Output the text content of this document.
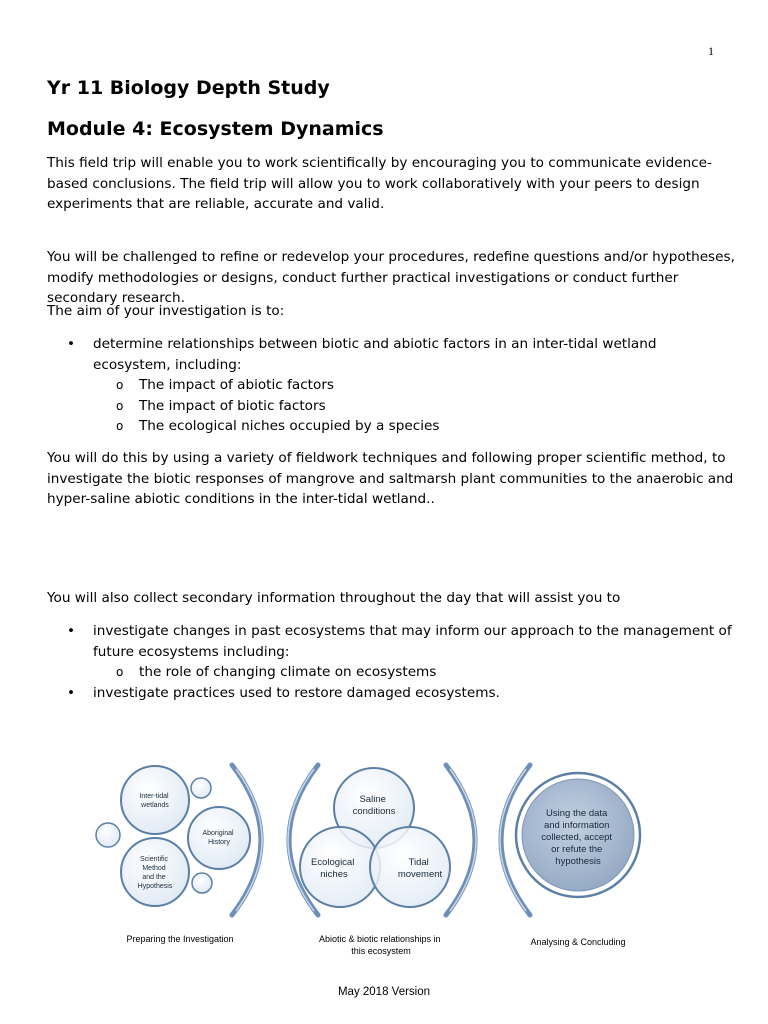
1
Yr 11 Biology Depth Study
Module 4: Ecosystem Dynamics

This field trip will enable you to work scientifically by encouraging you to communicate evidence-based conclusions. The field trip will allow you to work collaboratively with your peers to design experiments that are reliable, accurate and valid.

You will be challenged to refine or redevelop your procedures, redefine questions and/or hypotheses, modify methodologies or designs, conduct further practical investigations or conduct further secondary research.

The aim of your investigation is to:

• determine relationships between biotic and abiotic factors in an inter-tidal wetland ecosystem, including:
o The impact of abiotic factors
o The impact of biotic factors
o The ecological niches occupied by a species

You will do this by using a variety of fieldwork techniques and following proper scientific method, to investigate the biotic responses of mangrove and saltmarsh plant communities to the anaerobic and hyper-saline abiotic conditions in the inter-tidal wetland..

You will also collect secondary information throughout the day that will assist you to

• investigate changes in past ecosystems that may inform our approach to the management of future ecosystems including:
o the role of changing climate on ecosystems
• investigate practices used to restore damaged ecosystems.
Inter-tidal wetlands
Aboriginal History
Scientific Method and the Hypothesis
Saline conditions
Ecological niches
Tidal movement
Using the data and information collected, accept or refute the hypothesis
Preparing the Investigation	Abiotic & biotic relationships in this ecosystem
Analysing & Concluding
May 2018 Version
